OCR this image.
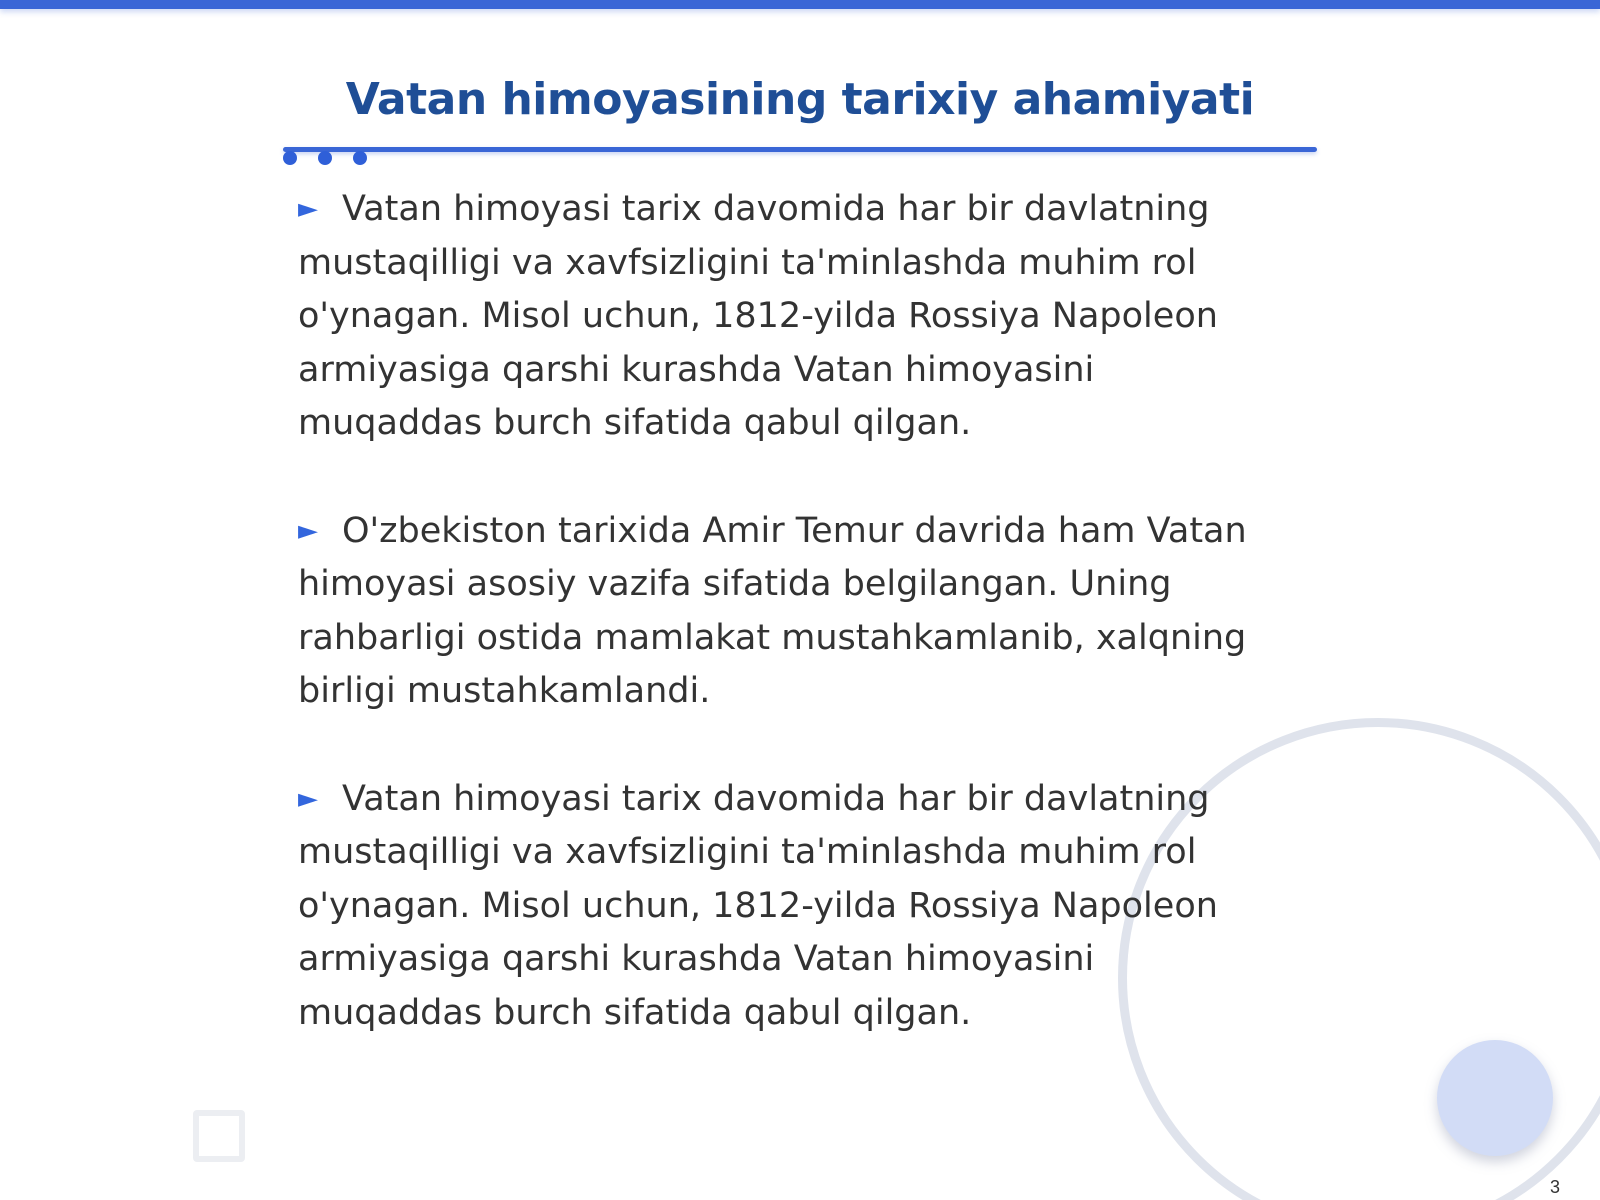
Vatan himoyasining tarixiy ahamiyati
► Vatan himoyasi tarix davomida har bir davlatning mustaqilligi va xavfsizligini ta'minlashda muhim rol o'ynagan. Misol uchun, 1812-yilda Rossiya Napoleon armiyasiga qarshi kurashda Vatan himoyasini muqaddas burch sifatida qabul qilgan.
► O'zbekiston tarixida Amir Temur davrida ham Vatan himoyasi asosiy vazifa sifatida belgilangan. Uning rahbarligi ostida mamlakat mustahkamlanib, xalqning birligi mustahkamlandi.
► Vatan himoyasi tarix davomida har bir davlatning mustaqilligi va xavfsizligini ta'minlashda muhim rol o'ynagan. Misol uchun, 1812-yilda Rossiya Napoleon armiyasiga qarshi kurashda Vatan himoyasini muqaddas burch sifatida qabul qilgan.
3
